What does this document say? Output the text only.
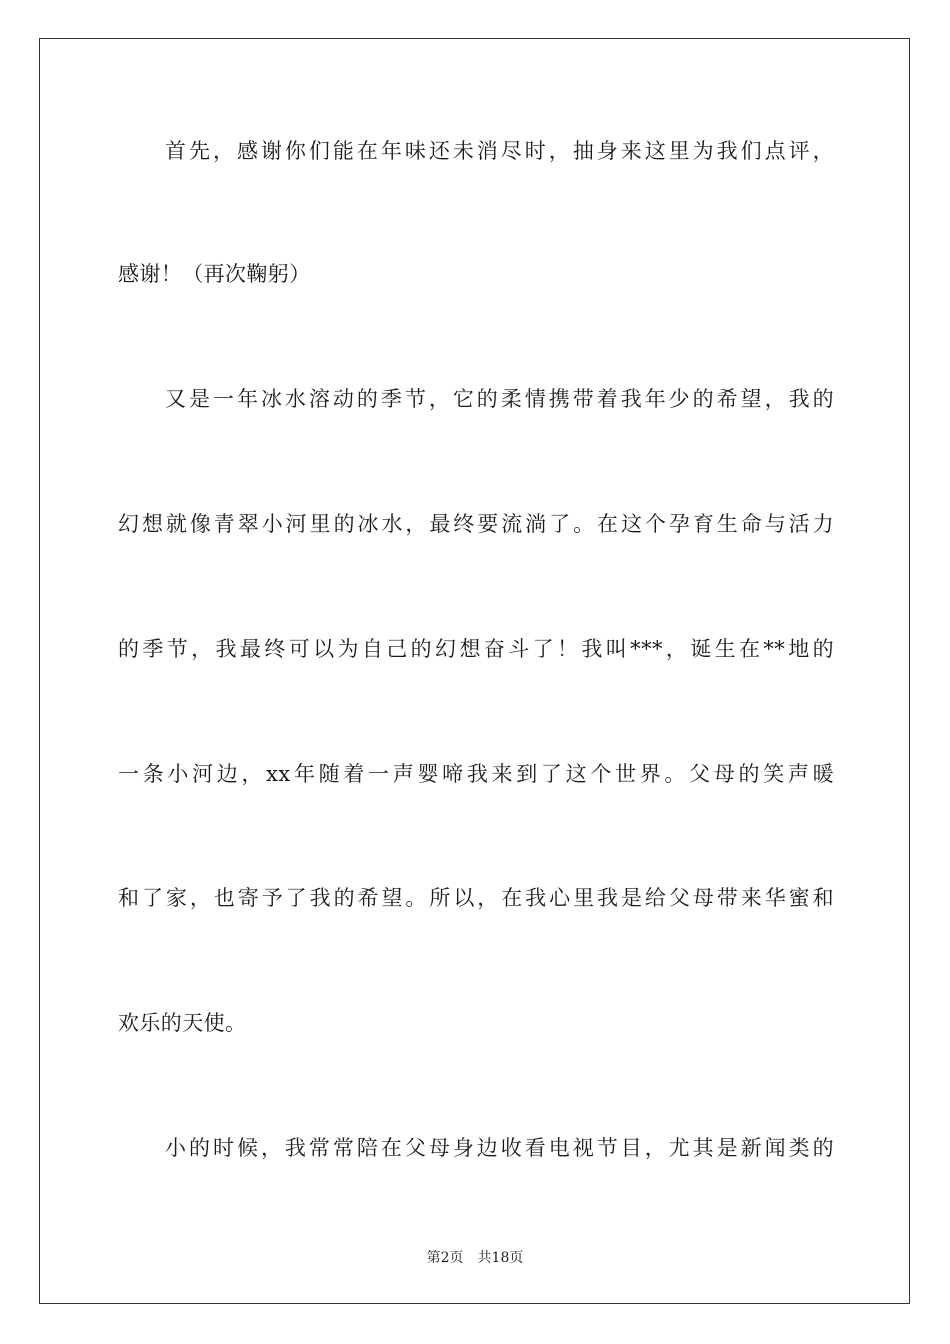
首先，感谢你们能在年味还未消尽时，抽身来这里为我们点评，
感谢！（再次鞠躬）
又是一年冰水溶动的季节，它的柔情携带着我年少的希望，我的
幻想就像青翠小河里的冰水，最终要流淌了。在这个孕育生命与活力
的季节，我最终可以为自己的幻想奋斗了！我叫***，诞生在**地的
一条小河边，xx年随着一声婴啼我来到了这个世界。父母的笑声暖
和了家，也寄予了我的希望。所以，在我心里我是给父母带来华蜜和
欢乐的天使。
小的时候，我常常陪在父母身边收看电视节目，尤其是新闻类的
第2页 共18页
